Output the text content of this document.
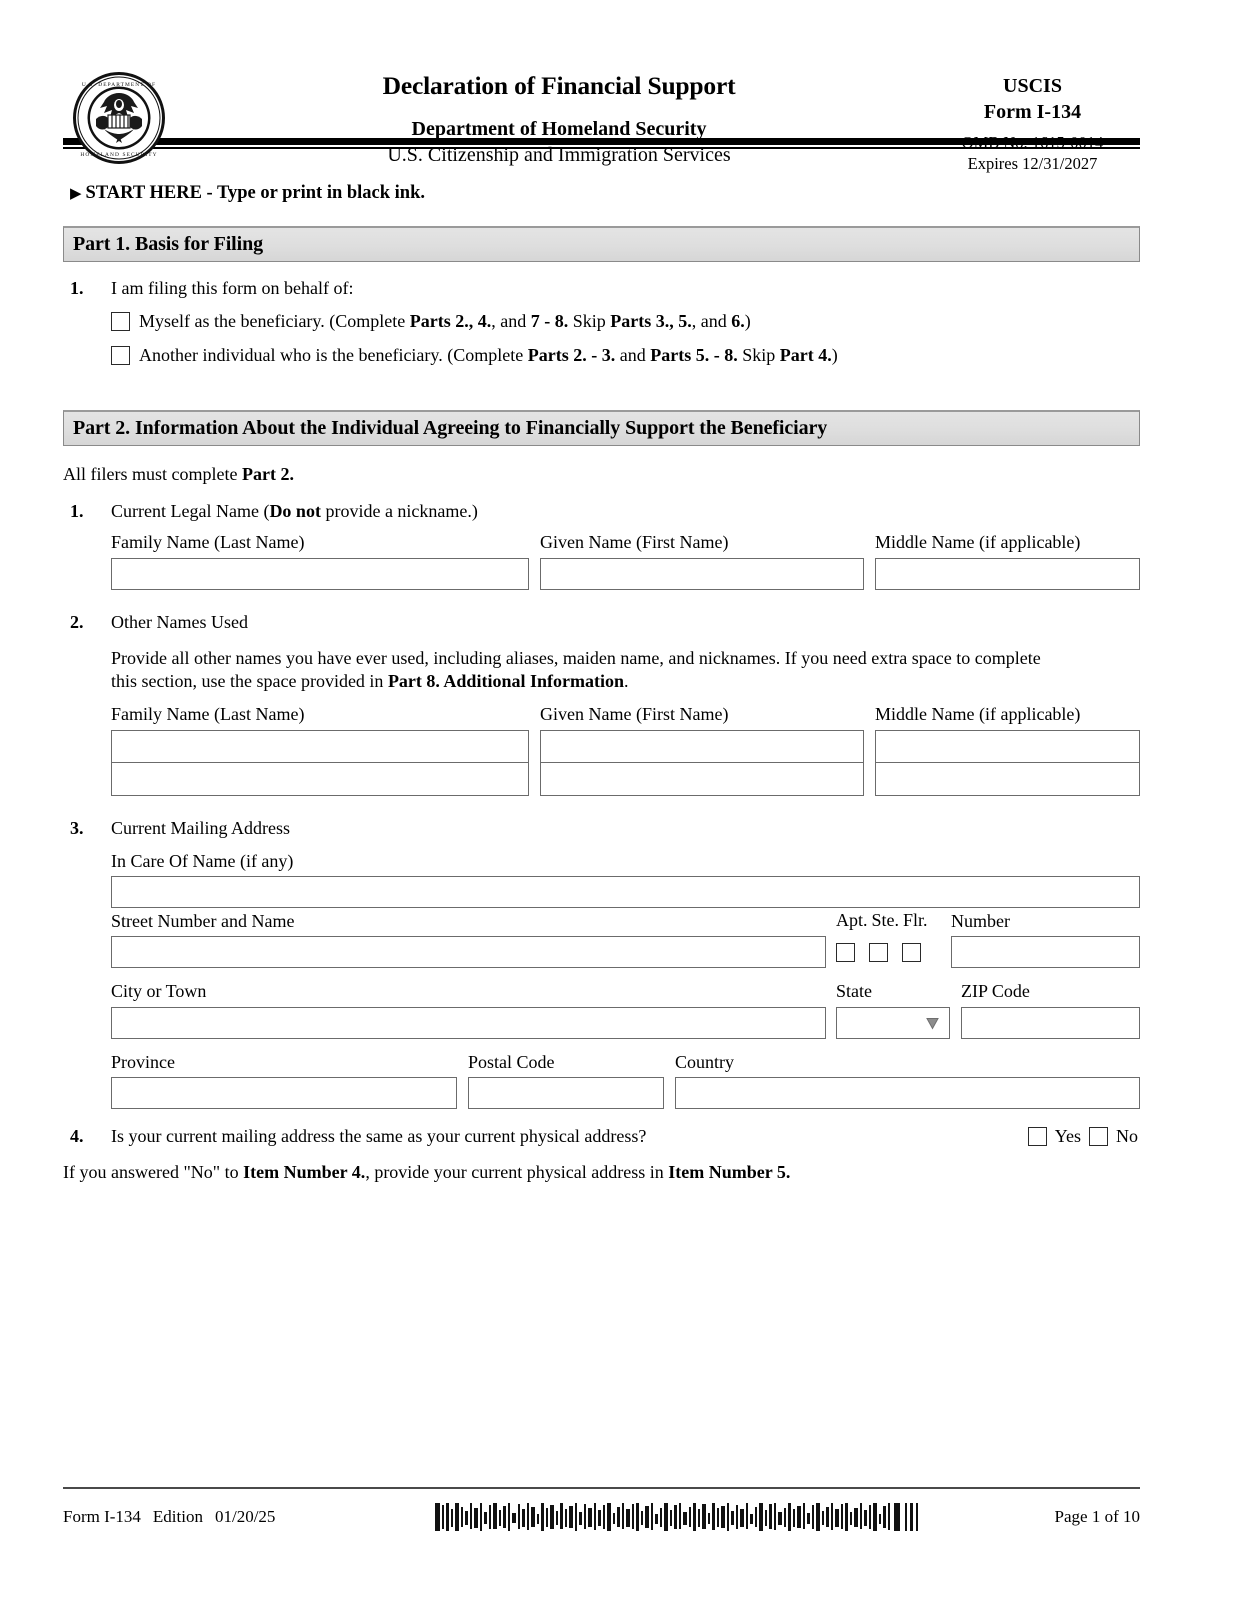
U.S. DEPARTMENT OF
HOMELAND SECURITY
Declaration of Financial Support
Department of Homeland Security
U.S. Citizenship and Immigration Services
USCIS
Form I-134
OMB No. 1615-0014
Expires 12/31/2027
▶ START HERE - Type or print in black ink.
Part 1. Basis for Filing
1.	I am filing this form on behalf of:
Myself as the beneficiary. (Complete Parts 2., 4., and 7 - 8. Skip Parts 3., 5., and 6.)
Another individual who is the beneficiary. (Complete Parts 2. - 3. and Parts 5. - 8. Skip Part 4.)
Part 2. Information About the Individual Agreeing to Financially Support the Beneficiary
All filers must complete Part 2.
1.	Current Legal Name (Do not provide a nickname.)
Family Name (Last Name)	Given Name (First Name)	Middle Name (if applicable)
2.	Other Names Used
Provide all other names you have ever used, including aliases, maiden name, and nicknames. If you need extra space to complete this section, use the space provided in Part 8. Additional Information.
Family Name (Last Name)	Given Name (First Name)	Middle Name (if applicable)
3.	Current Mailing Address
In Care Of Name (if any)
Street Number and Name	Apt. Ste. Flr. Number
City or Town	State	ZIP Code
Province	Postal Code	Country
4.	Is your current mailing address the same as your current physical address?	Yes No
If you answered "No" to Item Number 4., provide your current physical address in Item Number 5.
Form I-134 Edition 01/20/25	Page 1 of 10
